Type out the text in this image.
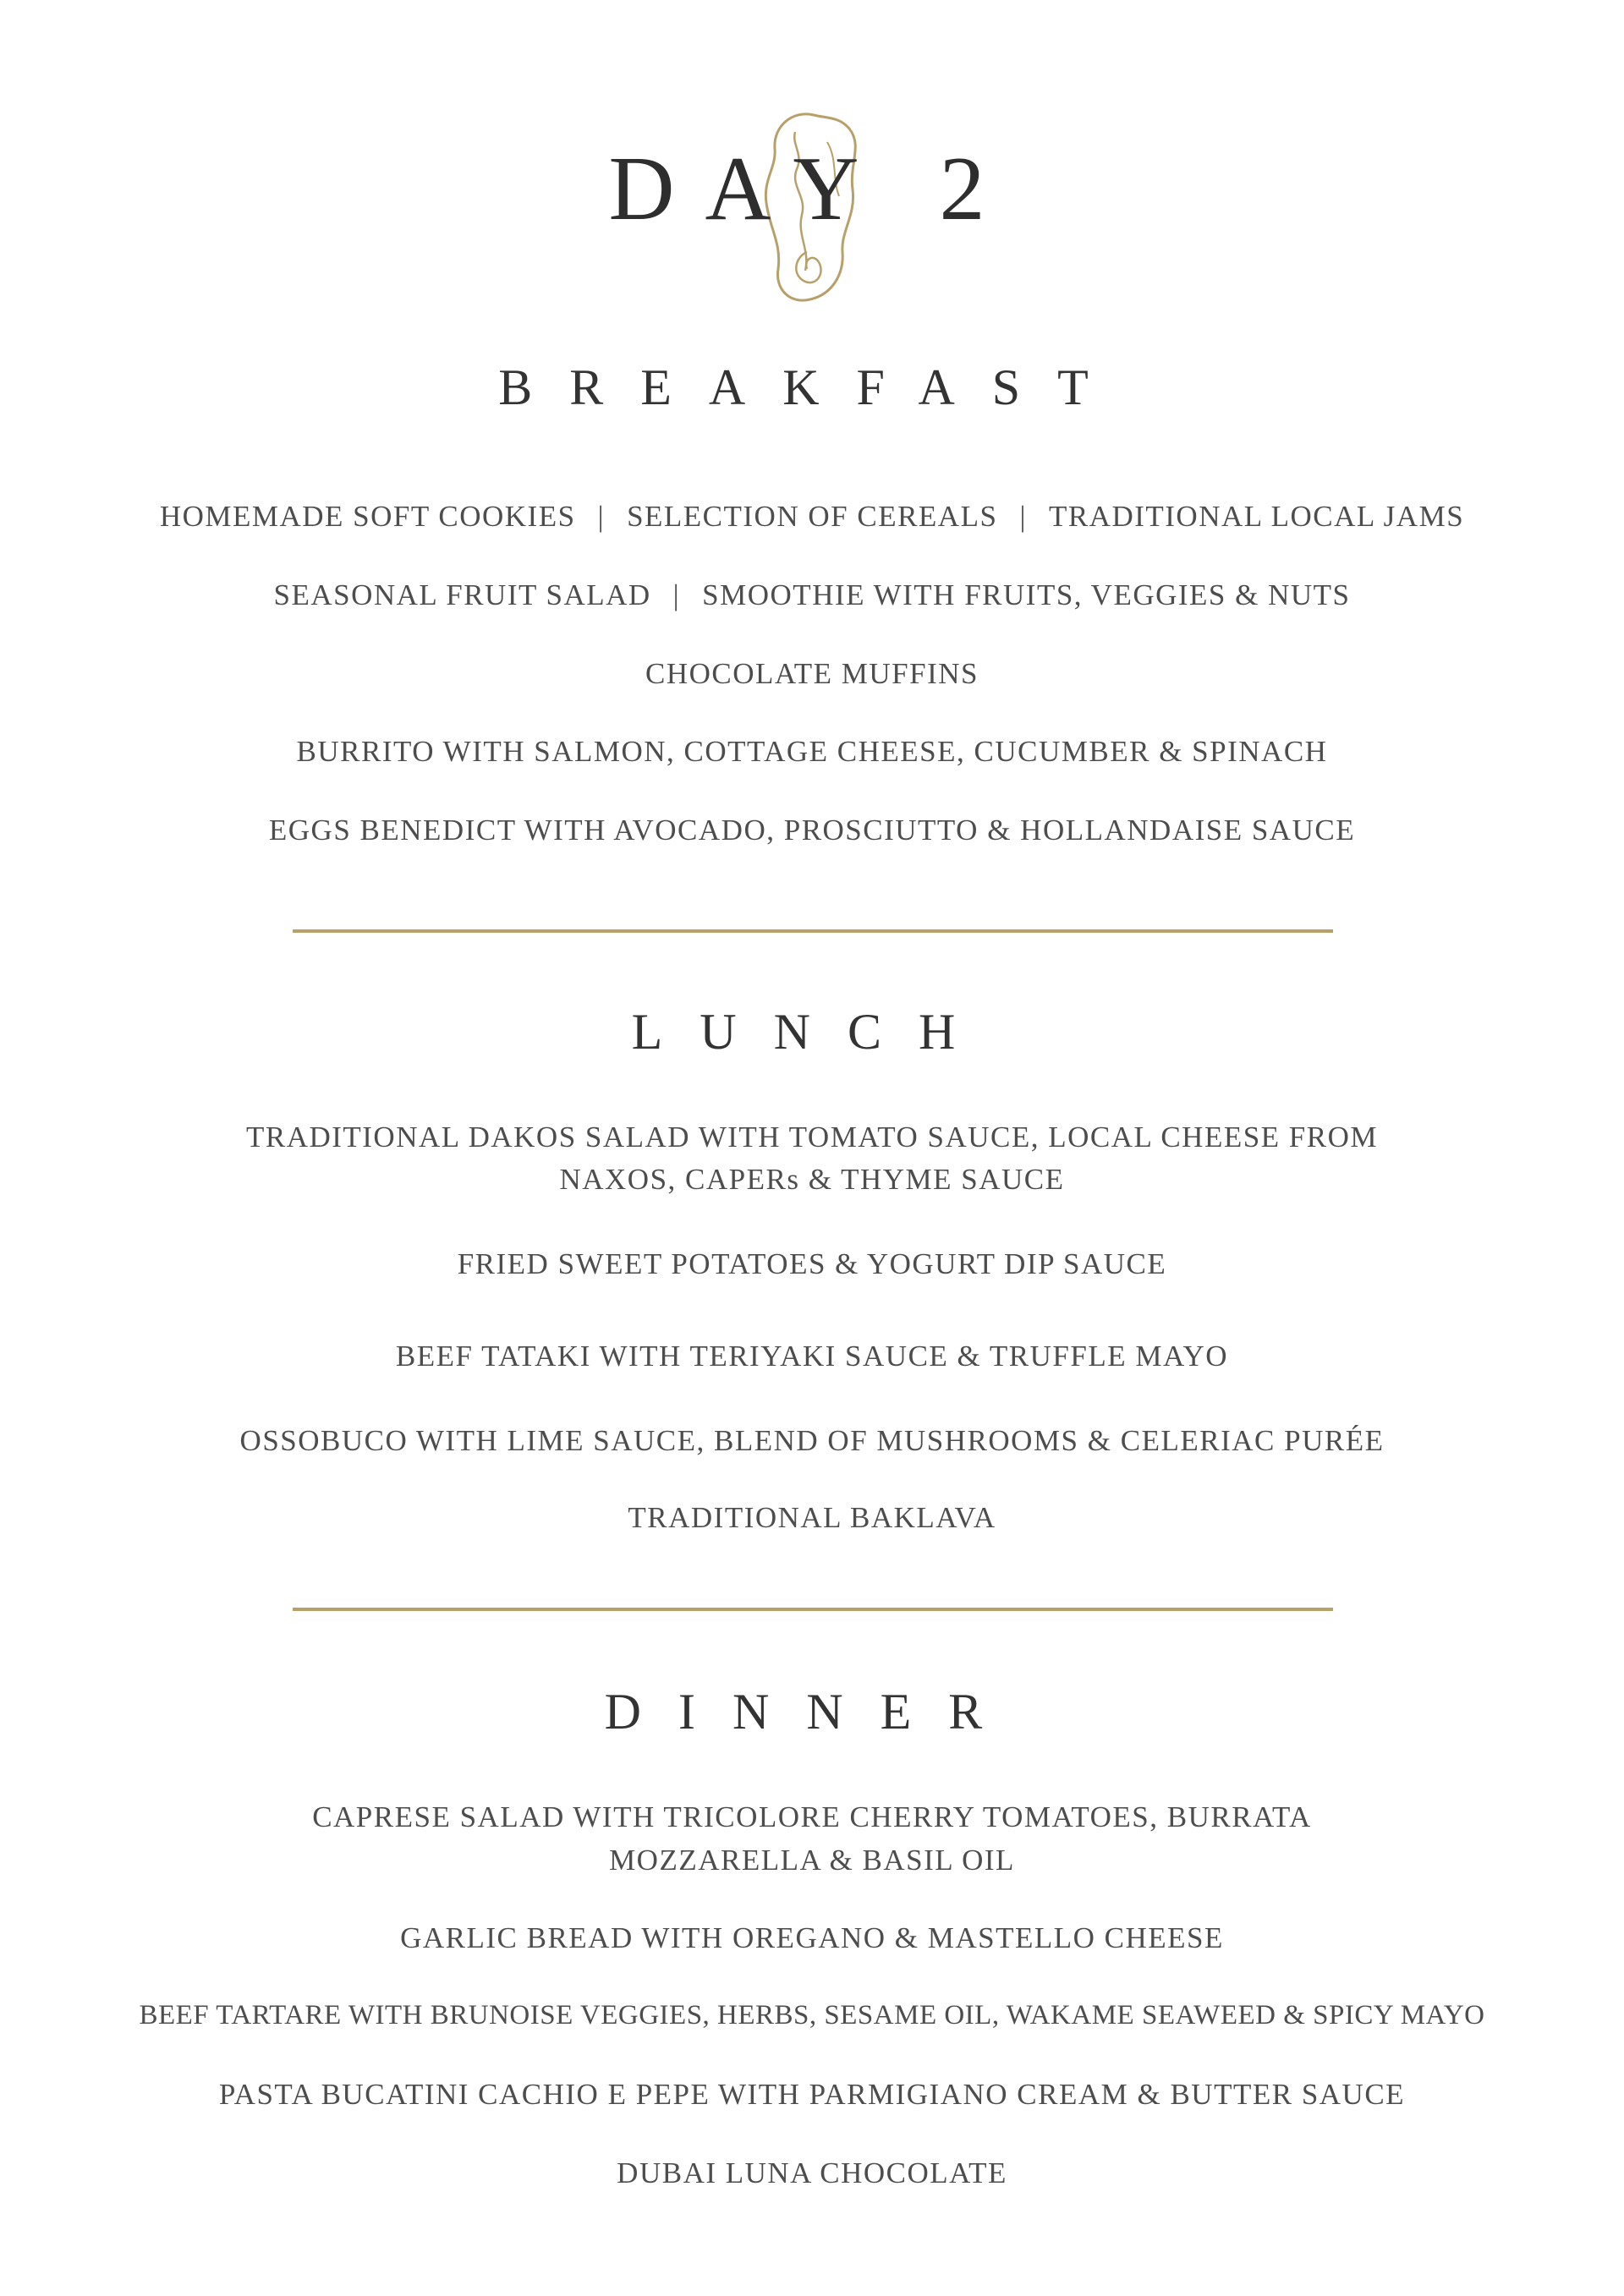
DAY 2
BREAKFAST
HOMEMADE SOFT COOKIES | SELECTION OF CEREALS | TRADITIONAL LOCAL JAMS
SEASONAL FRUIT SALAD | SMOOTHIE WITH FRUITS, VEGGIES & NUTS
CHOCOLATE MUFFINS
BURRITO WITH SALMON, COTTAGE CHEESE, CUCUMBER & SPINACH
EGGS BENEDICT WITH AVOCADO, PROSCIUTTO & HOLLANDAISE SAUCE
LUNCH
TRADITIONAL DAKOS SALAD WITH TOMATO SAUCE, LOCAL CHEESE FROM
NAXOS, CAPERs & THYME SAUCE
FRIED SWEET POTATOES & YOGURT DIP SAUCE
BEEF TATAKI WITH TERIYAKI SAUCE & TRUFFLE MAYO
OSSOBUCO WITH LIME SAUCE, BLEND OF MUSHROOMS & CELERIAC PURÉE
TRADITIONAL BAKLAVA
DINNER
CAPRESE SALAD WITH TRICOLORE CHERRY TOMATOES, BURRATA
MOZZARELLA & BASIL OIL
GARLIC BREAD WITH OREGANO & MASTELLO CHEESE
BEEF TARTARE WITH BRUNOISE VEGGIES, HERBS, SESAME OIL, WAKAME SEAWEED & SPICY MAYO
PASTA BUCATINI CACHIO E PEPE WITH PARMIGIANO CREAM & BUTTER SAUCE
DUBAI LUNA CHOCOLATE
